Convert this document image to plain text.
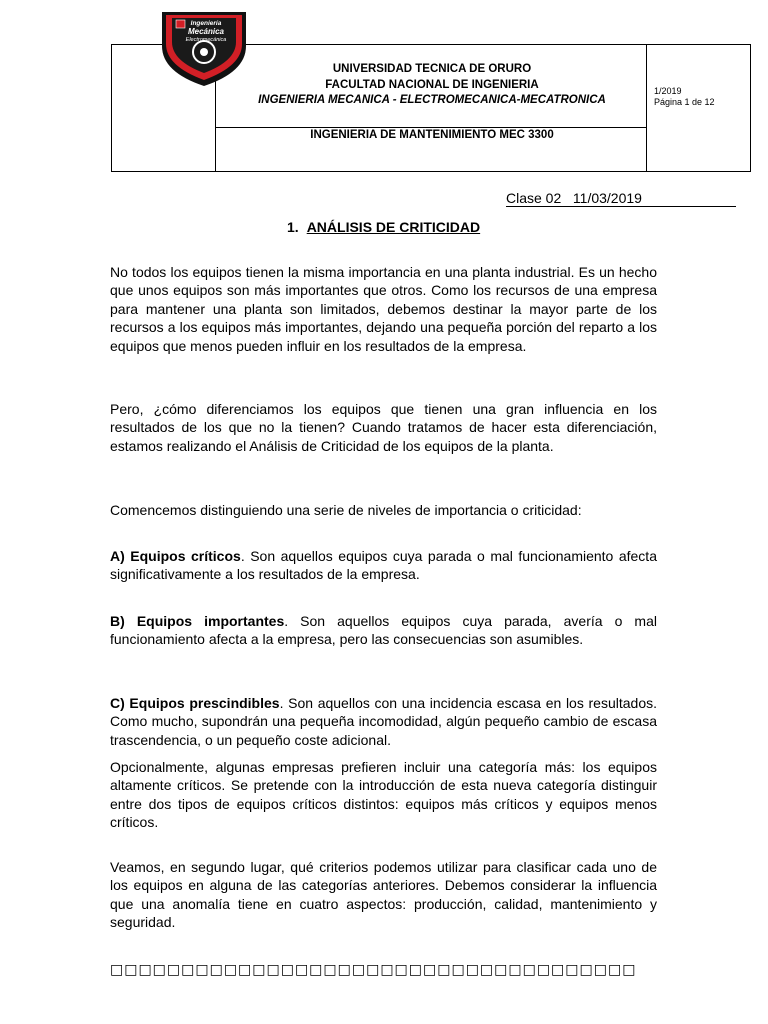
UNIVERSIDAD TECNICA DE ORURO
FACULTAD NACIONAL DE INGENIERIA
INGENIERIA MECANICA - ELECTROMECANICA-MECATRONICA
INGENIERIA DE MANTENIMIENTO MEC 3300
1/2019
Página 1 de 12
Ingeniería
Mecánica
Electromecánica
Clase 02   11/03/2019
1. ANÁLISIS DE CRITICIDAD
No todos los equipos tienen la misma importancia en una planta industrial. Es un hecho que unos equipos son más importantes que otros. Como los recursos de una empresa para mantener una planta son limitados, debemos destinar la mayor parte de los recursos a los equipos más importantes, dejando una pequeña porción del reparto a los equipos que menos pueden influir en los resultados de la empresa.
Pero, ¿cómo diferenciamos los equipos que tienen una gran influencia en los resultados de los que no la tienen? Cuando tratamos de hacer esta diferenciación, estamos realizando el Análisis de Criticidad de los equipos de la planta.
Comencemos distinguiendo una serie de niveles de importancia o criticidad:
A) Equipos críticos. Son aquellos equipos cuya parada o mal funcionamiento afecta significativamente a los resultados de la empresa.
B) Equipos importantes. Son aquellos equipos cuya parada, avería o mal funcionamiento afecta a la empresa, pero las consecuencias son asumibles.
C) Equipos prescindibles. Son aquellos con una incidencia escasa en los resultados. Como mucho, supondrán una pequeña incomodidad, algún pequeño cambio de escasa trascendencia, o un pequeño coste adicional.
Opcionalmente, algunas empresas prefieren incluir una categoría más: los equipos altamente críticos. Se pretende con la introducción de esta nueva categoría distinguir entre dos tipos de equipos críticos distintos: equipos más críticos y equipos menos críticos.
Veamos, en segundo lugar, qué criterios podemos utilizar para clasificar cada uno de los equipos en alguna de las categorías anteriores. Debemos considerar la influencia que una anomalía tiene en cuatro aspectos: producción, calidad, mantenimiento y seguridad.
□□□□□□□□□□□□□□□□□□□□□□□□□□□□□□□□□□□□□
